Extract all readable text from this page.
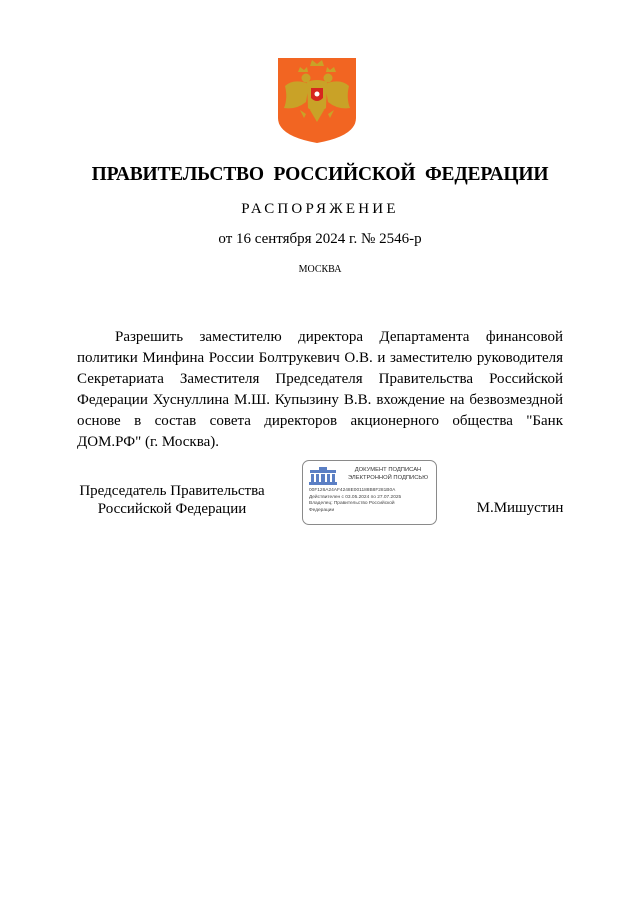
ПРАВИТЕЛЬСТВО РОССИЙСКОЙ ФЕДЕРАЦИИ
РАСПОРЯЖЕНИЕ
от 16 сентября 2024 г. № 2546-р
МОСКВА

Разрешить заместителю директора Департамента финансовой политики Минфина России Болтрукевич О.В. и заместителю руководителя Секретариата Заместителя Председателя Правительства Российской Федерации Хуснуллина М.Ш. Купызину В.В. вхождение на безвозмездной основе в состав совета директоров акционерного общества "Банк ДОМ.РФ" (г. Москва).

Председатель Правительства
Российской Федерации
ДОКУМЕНТ ПОДПИСАН
ЭЛЕКТРОННОЙ ПОДПИСЬЮ
00F126A24AF4248E001188B8F281B0A
Действителен с 03.05.2024 по 27.07.2025
Владелец: Правительство Российской
Федерации	М.Мишустин
